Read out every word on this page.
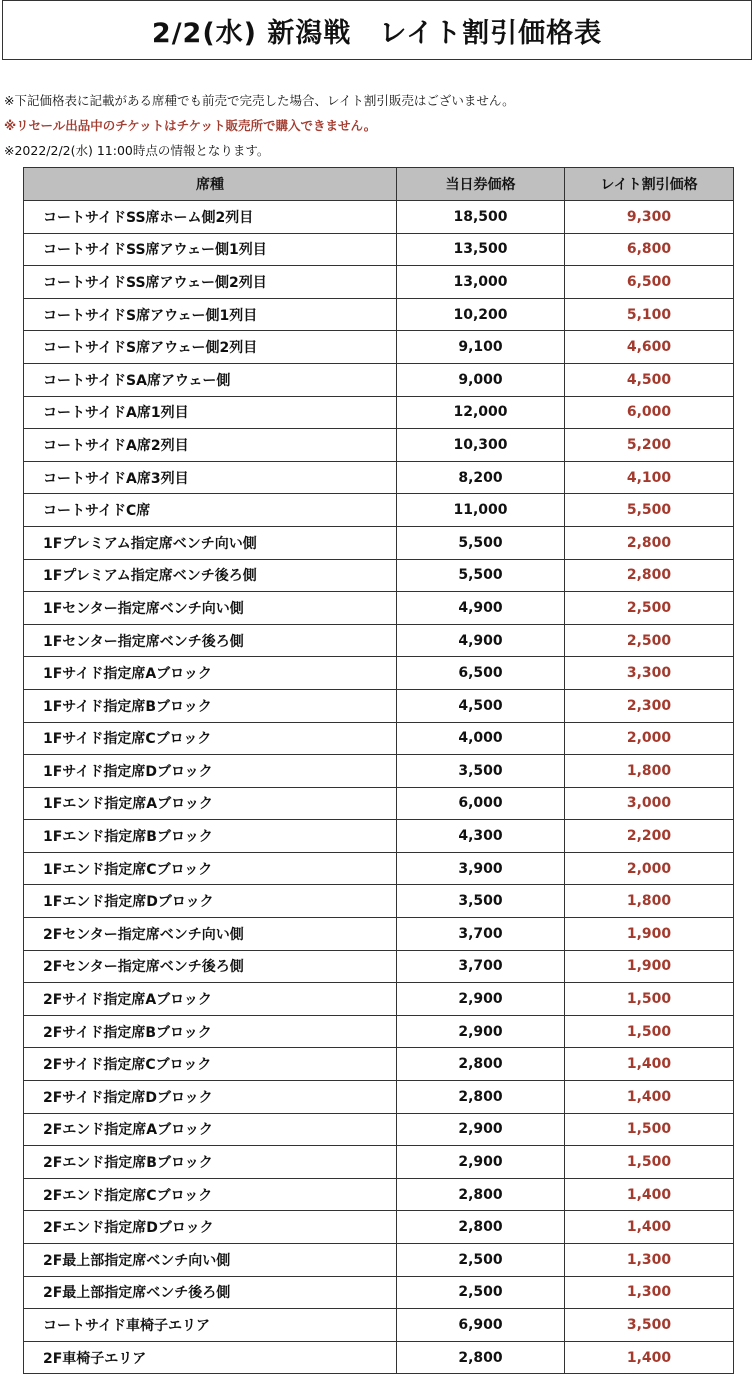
2/2(水) 新潟戦　レイト割引価格表
※下記価格表に記載がある席種でも前売で完売した場合、レイト割引販売はございません。
※リセール出品中のチケットはチケット販売所で購入できません。
※2022/2/2(水) 11:00時点の情報となります。
席種	当日券価格	レイト割引価格
コートサイドSS席ホーム側2列目	18,500	9,300
コートサイドSS席アウェー側1列目	13,500	6,800
コートサイドSS席アウェー側2列目	13,000	6,500
コートサイドS席アウェー側1列目	10,200	5,100
コートサイドS席アウェー側2列目	9,100	4,600
コートサイドSA席アウェー側	9,000	4,500
コートサイドA席1列目	12,000	6,000
コートサイドA席2列目	10,300	5,200
コートサイドA席3列目	8,200	4,100
コートサイドC席	11,000	5,500
1Fプレミアム指定席ベンチ向い側	5,500	2,800
1Fプレミアム指定席ベンチ後ろ側	5,500	2,800
1Fセンター指定席ベンチ向い側	4,900	2,500
1Fセンター指定席ベンチ後ろ側	4,900	2,500
1Fサイド指定席Aブロック	6,500	3,300
1Fサイド指定席Bブロック	4,500	2,300
1Fサイド指定席Cブロック	4,000	2,000
1Fサイド指定席Dブロック	3,500	1,800
1Fエンド指定席Aブロック	6,000	3,000
1Fエンド指定席Bブロック	4,300	2,200
1Fエンド指定席Cブロック	3,900	2,000
1Fエンド指定席Dブロック	3,500	1,800
2Fセンター指定席ベンチ向い側	3,700	1,900
2Fセンター指定席ベンチ後ろ側	3,700	1,900
2Fサイド指定席Aブロック	2,900	1,500
2Fサイド指定席Bブロック	2,900	1,500
2Fサイド指定席Cブロック	2,800	1,400
2Fサイド指定席Dブロック	2,800	1,400
2Fエンド指定席Aブロック	2,900	1,500
2Fエンド指定席Bブロック	2,900	1,500
2Fエンド指定席Cブロック	2,800	1,400
2Fエンド指定席Dブロック	2,800	1,400
2F最上部指定席ベンチ向い側	2,500	1,300
2F最上部指定席ベンチ後ろ側	2,500	1,300
コートサイド車椅子エリア	6,900	3,500
2F車椅子エリア	2,800	1,400
